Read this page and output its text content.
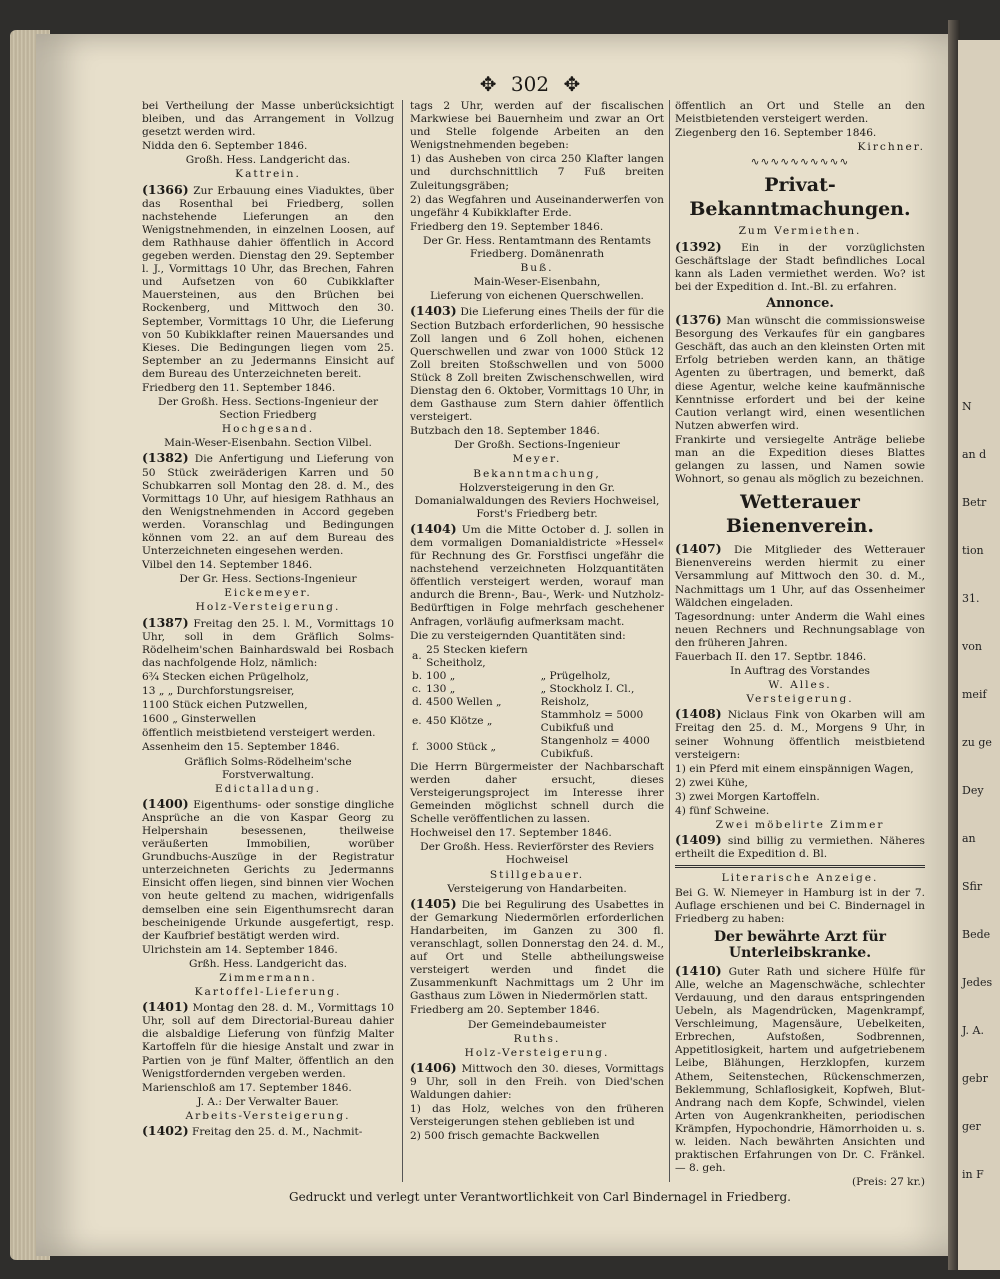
N
an d
Betr
tion
31.
von
meif
zu ge
Dey
an
Sfir
Bede
Jedes
J. A.
gebr
ger
in F
✥ 302 ✥

bei Vertheilung der Masse unberücksichtigt bleiben, und das Arrangement in Vollzug gesetzt werden wird.

Nidda den 6. September 1846.

Großh. Hess. Landgericht das.

Kattrein.

(1366) Zur Erbauung eines Viaduktes, über das Rosenthal bei Friedberg, sollen nachstehende Lieferungen an den Wenigstnehmenden, in einzelnen Loosen, auf dem Rathhause dahier öffentlich in Accord gegeben werden. Dienstag den 29. September l. J., Vormittags 10 Uhr, das Brechen, Fahren und Aufsetzen von 60 Cubikklafter Mauersteinen, aus den Brüchen bei Rockenberg, und Mittwoch den 30. September, Vormittags 10 Uhr, die Lieferung von 50 Kubikklafter reinen Mauersandes und Kieses. Die Bedingungen liegen vom 25. September an zu Jedermanns Einsicht auf dem Bureau des Unterzeichneten bereit.

Friedberg den 11. September 1846.

Der Großh. Hess. Sections-Ingenieur der Section Friedberg

Hochgesand.

Main-Weser-Eisenbahn. Section Vilbel.

(1382) Die Anfertigung und Lieferung von 50 Stück zweiräderigen Karren und 50 Schubkarren soll Montag den 28. d. M., des Vormittags 10 Uhr, auf hiesigem Rathhaus an den Wenigstnehmenden in Accord gegeben werden. Voranschlag und Bedingungen können vom 22. an auf dem Bureau des Unterzeichneten eingesehen werden.

Vilbel den 14. September 1846.

Der Gr. Hess. Sections-Ingenieur

Eickemeyer.

Holz-Versteigerung.

(1387) Freitag den 25. l. M., Vormittags 10 Uhr, soll in dem Gräflich Solms-Rödelheim'schen Bainhardswald bei Rosbach das nachfolgende Holz, nämlich:

6¾ Stecken eichen Prügelholz,

13 „ „ Durchforstungsreiser,

1100 Stück eichen Putzwellen,

1600 „ Ginsterwellen

öffentlich meistbietend versteigert werden.

Assenheim den 15. September 1846.

Gräflich Solms-Rödelheim'sche Forstverwaltung.

Edictalladung.

(1400) Eigenthums- oder sonstige dingliche Ansprüche an die von Kaspar Georg zu Helpershain besessenen, theilweise veräußerten Immobilien, worüber Grundbuchs-Auszüge in der Registratur unterzeichneten Gerichts zu Jedermanns Einsicht offen liegen, sind binnen vier Wochen von heute geltend zu machen, widrigenfalls demselben eine sein Eigenthumsrecht daran bescheinigende Urkunde ausgefertigt, resp. der Kaufbrief bestätigt werden wird.

Ulrichstein am 14. September 1846.

Grßh. Hess. Landgericht das.

Zimmermann.

Kartoffel-Lieferung.

(1401) Montag den 28. d. M., Vormittags 10 Uhr, soll auf dem Directorial-Bureau dahier die alsbaldige Lieferung von fünfzig Malter Kartoffeln für die hiesige Anstalt und zwar in Partien von je fünf Malter, öffentlich an den Wenigstfordernden vergeben werden.

Marienschloß am 17. September 1846.

J. A.: Der Verwalter Bauer.

Arbeits-Versteigerung.

(1402) Freitag den 25. d. M., Nachmit-

tags 2 Uhr, werden auf der fiscalischen Markwiese bei Bauernheim und zwar an Ort und Stelle folgende Arbeiten an den Wenigstnehmenden begeben:

1) das Ausheben von circa 250 Klafter langen und durchschnittlich 7 Fuß breiten Zuleitungsgräben;

2) das Wegfahren und Auseinanderwerfen von ungefähr 4 Kubikklafter Erde.

Friedberg den 19. September 1846.

Der Gr. Hess. Rentamtmann des Rentamts Friedberg. Domänenrath

Buß.

Main-Weser-Eisenbahn,

Lieferung von eichenen Querschwellen.

(1403) Die Lieferung eines Theils der für die Section Butzbach erforderlichen, 90 hessische Zoll langen und 6 Zoll hohen, eichenen Querschwellen und zwar von 1000 Stück 12 Zoll breiten Stoßschwellen und von 5000 Stück 8 Zoll breiten Zwischenschwellen, wird Dienstag den 6. Oktober, Vormittags 10 Uhr, in dem Gasthause zum Stern dahier öffentlich versteigert.

Butzbach den 18. September 1846.

Der Großh. Sections-Ingenieur

Meyer.

Bekanntmachung,

Holzversteigerung in den Gr. Domanialwaldungen des Reviers Hochweisel, Forst's Friedberg betr.

(1404) Um die Mitte October d. J. sollen in dem vormaligen Domanialdistricte »Hessel« für Rechnung des Gr. Forstfisci ungefähr die nachstehend verzeichneten Holzquantitäten öffentlich versteigert werden, worauf man andurch die Brenn-, Bau-, Werk- und Nutzholz-Bedürftigen in Folge mehrfach geschehener Anfragen, vorläufig aufmerksam macht.

Die zu versteigernden Quantitäten sind:

a.	25 Stecken kiefern Scheitholz,	
b.	100 „	„ Prügelholz,
c.	130 „	„ Stockholz I. Cl.,
d.	4500 Wellen „	Reisholz,
e.	450 Klötze „	Stammholz = 5000 Cubikfuß und
f.	3000 Stück „	Stangenholz = 4000 Cubikfuß.

Die Herrn Bürgermeister der Nachbarschaft werden daher ersucht, dieses Versteigerungsproject im Interesse ihrer Gemeinden möglichst schnell durch die Schelle veröffentlichen zu lassen.

Hochweisel den 17. September 1846.

Der Großh. Hess. Revierförster des Reviers Hochweisel

Stillgebauer.

Versteigerung von Handarbeiten.

(1405) Die bei Regulirung des Usabettes in der Gemarkung Niedermörlen erforderlichen Handarbeiten, im Ganzen zu 300 fl. veranschlagt, sollen Donnerstag den 24. d. M., auf Ort und Stelle abtheilungsweise versteigert werden und findet die Zusammenkunft Nachmittags um 2 Uhr im Gasthaus zum Löwen in Niedermörlen statt.

Friedberg am 20. September 1846.

Der Gemeindebaumeister

Ruths.

Holz-Versteigerung.

(1406) Mittwoch den 30. dieses, Vormittags 9 Uhr, soll in den Freih. von Died'schen Waldungen dahier:

1) das Holz, welches von den früheren Versteigerungen stehen geblieben ist und

2) 500 frisch gemachte Backwellen

öffentlich an Ort und Stelle an den Meistbietenden versteigert werden.

Ziegenberg den 16. September 1846.

Kirchner.

∿∿∿∿∿∿∿∿∿∿

Privat-Bekanntmachungen.

Zum Vermiethen.

(1392) Ein in der vorzüglichsten Geschäftslage der Stadt befindliches Local kann als Laden vermiethet werden. Wo? ist bei der Expedition d. Int.-Bl. zu erfahren.

Annonce.

(1376) Man wünscht die commissionsweise Besorgung des Verkaufes für ein gangbares Geschäft, das auch an den kleinsten Orten mit Erfolg betrieben werden kann, an thätige Agenten zu übertragen, und bemerkt, daß diese Agentur, welche keine kaufmännische Kenntnisse erfordert und bei der keine Caution verlangt wird, einen wesentlichen Nutzen abwerfen wird.

Frankirte und versiegelte Anträge beliebe man an die Expedition dieses Blattes gelangen zu lassen, und Namen sowie Wohnort, so genau als möglich zu bezeichnen.

Wetterauer Bienenverein.

(1407) Die Mitglieder des Wetterauer Bienenvereins werden hiermit zu einer Versammlung auf Mittwoch den 30. d. M., Nachmittags um 1 Uhr, auf das Ossenheimer Wäldchen eingeladen.

Tagesordnung: unter Anderm die Wahl eines neuen Rechners und Rechnungsablage von den früheren Jahren.

Fauerbach II. den 17. Septbr. 1846.

In Auftrag des Vorstandes

W. Alles.

Versteigerung.

(1408) Niclaus Fink von Okarben will am Freitag den 25. d. M., Morgens 9 Uhr, in seiner Wohnung öffentlich meistbietend versteigern:

1) ein Pferd mit einem einspännigen Wagen,

2) zwei Kühe,

3) zwei Morgen Kartoffeln.

4) fünf Schweine.

Zwei möbelirte Zimmer

(1409) sind billig zu vermiethen. Näheres ertheilt die Expedition d. Bl.

Literarische Anzeige.

Bei G. W. Niemeyer in Hamburg ist in der 7. Auflage erschienen und bei C. Bindernagel in Friedberg zu haben:

Der bewährte Arzt für Unterleibskranke.

(1410) Guter Rath und sichere Hülfe für Alle, welche an Magenschwäche, schlechter Verdauung, und den daraus entspringenden Uebeln, als Magendrücken, Magenkrampf, Verschleimung, Magensäure, Uebelkeiten, Erbrechen, Aufstoßen, Sodbrennen, Appetitlosigkeit, hartem und aufgetriebenem Leibe, Blähungen, Herzklopfen, kurzem Athem, Seitenstechen, Rückenschmerzen, Beklemmung, Schlaflosigkeit, Kopfweh, Blut-Andrang nach dem Kopfe, Schwindel, vielen Arten von Augenkrankheiten, periodischen Krämpfen, Hypochondrie, Hämorrhoiden u. s. w. leiden. Nach bewährten Ansichten und praktischen Erfahrungen von Dr. C. Fränkel. — 8. geh.

(Preis: 27 kr.)

Gedruckt und verlegt unter Verantwortlichkeit von Carl Bindernagel in Friedberg.
